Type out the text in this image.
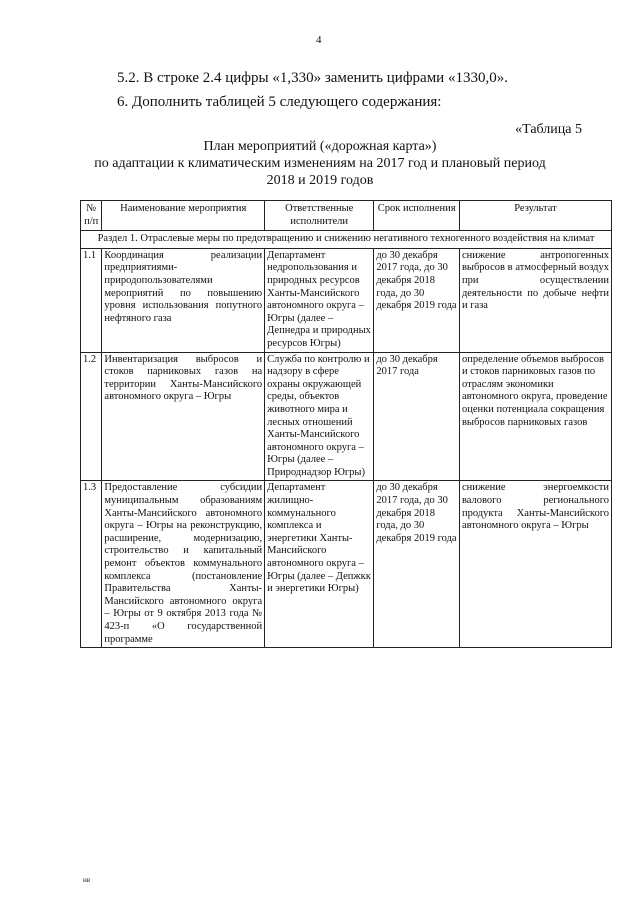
4
5.2. В строке 2.4 цифры «1,330» заменить цифрами «1330,0».
6. Дополнить таблицей 5 следующего содержания:
«Таблица 5
План мероприятий («дорожная карта»)
по адаптации к климатическим изменениям на 2017 год и плановый период
2018 и 2019 годов
№ п/п	Наименование мероприятия	Ответственные исполнители	Срок исполнения	Результат
Раздел 1. Отраслевые меры по предотвращению и снижению негативного техногенного воздействия на климат				
1.1	Координация реализации предприятиями-природопользователями мероприятий по повышению уровня использования попутного нефтяного газа	Департамент недропользования и природных ресурсов Ханты-Мансийского автономного округа – Югры (далее – Депнедра и природных ресурсов Югры)	до 30 декабря 2017 года, до 30 декабря 2018 года, до 30 декабря 2019 года	снижение антропогенных выбросов в атмосферный воздух при осуществлении деятельности по добыче нефти и газа
1.2	Инвентаризация выбросов и стоков парниковых газов на территории Ханты-Мансийского автономного округа – Югры	Служба по контролю и надзору в сфере охраны окружающей среды, объектов животного мира и лесных отношений Ханты-Мансийского автономного округа – Югры (далее – Природнадзор Югры)	до 30 декабря 2017 года	определение объемов выбросов и стоков парниковых газов по отраслям экономики автономного округа, проведение оценки потенциала сокращения выбросов парниковых газов
1.3	Предоставление субсидии муниципальным образованиям Ханты-Мансийского автономного округа – Югры на реконструкцию, расширение, модернизацию, строительство и капитальный ремонт объектов коммунального комплекса (постановление Правительства Ханты-Мансийского автономного округа – Югры от 9 октября 2013 года № 423-п «О государственной программе	Департамент жилищно-коммунального комплекса и энергетики Ханты-Мансийского автономного округа – Югры (далее – Депжкк и энергетики Югры)	до 30 декабря 2017 года, до 30 декабря 2018 года, до 30 декабря 2019 года	снижение энергоемкости валового регионального продукта Ханты-Мансийского автономного округа – Югры
нв
